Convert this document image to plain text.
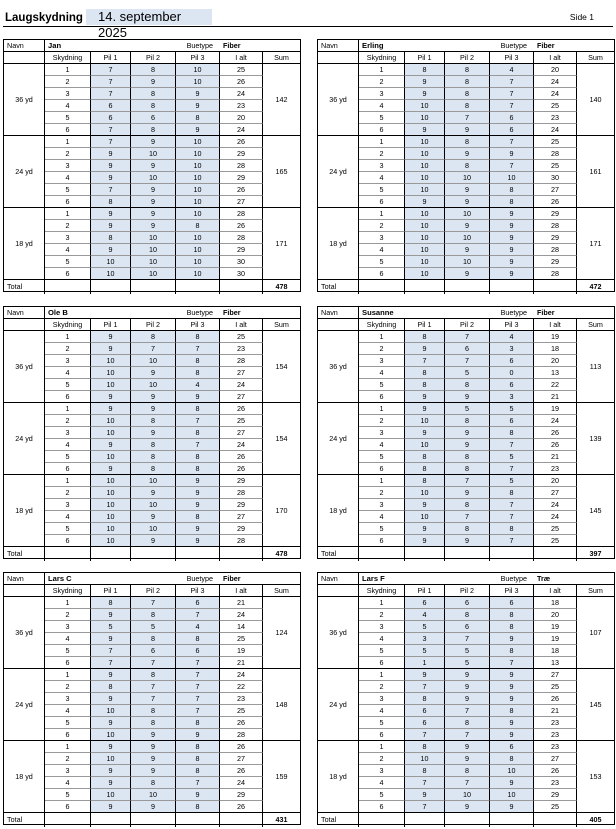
Laugskydning	14. september 2025
Side 1
Navn	Jan	Buetype	Fiber
Skydning	Pil 1	Pil 2	Pil 3	I alt	Sum
36 yd
1	7	8	10	25
2	7	9	10	26
3	7	8	9	24
4	6	8	9	23
5	6	6	8	20
6	7	8	9	24
142
24 yd
1	7	9	10	26
2	9	10	10	29
3	9	9	10	28
4	9	10	10	29
5	7	9	10	26
6	8	9	10	27
165
18 yd
1	9	9	10	28
2	9	9	8	26
3	8	10	10	28
4	9	10	10	29
5	10	10	10	30
6	10	10	10	30
171
Total	478
Navn	Erling	Buetype	Fiber
Skydning	Pil 1	Pil 2	Pil 3	I alt	Sum
36 yd
1	8	8	4	20
2	9	8	7	24
3	9	8	7	24
4	10	8	7	25
5	10	7	6	23
6	9	9	6	24
140
24 yd
1	10	8	7	25
2	10	9	9	28
3	10	8	7	25
4	10	10	10	30
5	10	9	8	27
6	9	9	8	26
161
18 yd
1	10	10	9	29
2	10	9	9	28
3	10	10	9	29
4	10	9	9	28
5	10	10	9	29
6	10	9	9	28
171
Total	472
Navn	Ole B	Buetype	Fiber
Skydning	Pil 1	Pil 2	Pil 3	I alt	Sum
36 yd
1	9	8	8	25
2	9	7	7	23
3	10	10	8	28
4	10	9	8	27
5	10	10	4	24
6	9	9	9	27
154
24 yd
1	9	9	8	26
2	10	8	7	25
3	10	9	8	27
4	9	8	7	24
5	10	8	8	26
6	9	8	8	26
154
18 yd
1	10	10	9	29
2	10	9	9	28
3	10	10	9	29
4	10	9	8	27
5	10	10	9	29
6	10	9	9	28
170
Total	478
Navn	Susanne	Buetype	Fiber
Skydning	Pil 1	Pil 2	Pil 3	I alt	Sum
36 yd
1	8	7	4	19
2	9	6	3	18
3	7	7	6	20
4	8	5	0	13
5	8	8	6	22
6	9	9	3	21
113
24 yd
1	9	5	5	19
2	10	8	6	24
3	9	9	8	26
4	10	9	7	26
5	8	8	5	21
6	8	8	7	23
139
18 yd
1	8	7	5	20
2	10	9	8	27
3	9	8	7	24
4	10	7	7	24
5	9	8	8	25
6	9	9	7	25
145
Total	397
Navn	Lars C	Buetype	Fiber
Skydning	Pil 1	Pil 2	Pil 3	I alt	Sum
36 yd
1	8	7	6	21
2	9	8	7	24
3	5	5	4	14
4	9	8	8	25
5	7	6	6	19
6	7	7	7	21
124
24 yd
1	9	8	7	24
2	8	7	7	22
3	9	7	7	23
4	10	8	7	25
5	9	8	8	26
6	10	9	9	28
148
18 yd
1	9	9	8	26
2	10	9	8	27
3	9	9	8	26
4	9	8	7	24
5	10	10	9	29
6	9	9	8	26
159
Total	431
Navn	Lars F	Buetype	Træ
Skydning	Pil 1	Pil 2	Pil 3	I alt	Sum
36 yd
1	6	6	6	18
2	4	8	8	20
3	5	6	8	19
4	3	7	9	19
5	5	5	8	18
6	1	5	7	13
107
24 yd
1	9	9	9	27
2	7	9	9	25
3	8	9	9	26
4	6	7	8	21
5	6	8	9	23
6	7	7	9	23
145
18 yd
1	8	9	6	23
2	10	9	8	27
3	8	8	10	26
4	7	7	9	23
5	9	10	10	29
6	7	9	9	25
153
Total	405
